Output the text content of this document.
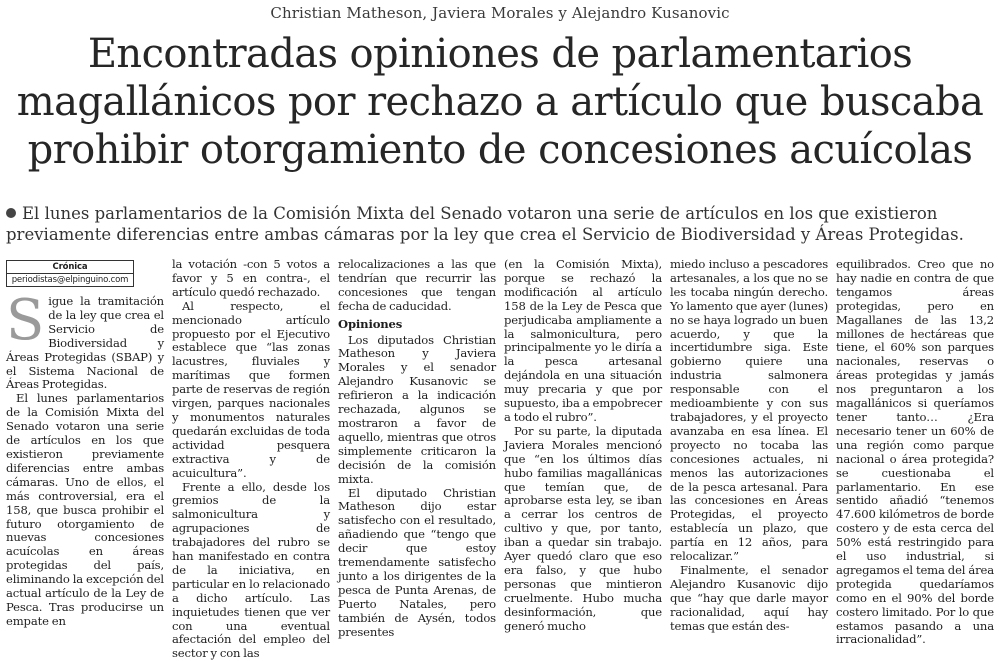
Christian Matheson, Javiera Morales y Alejandro Kusanovic
Encontradas opiniones de parlamentarios
magallánicos por rechazo a artículo que buscaba
prohibir otorgamiento de concesiones acuícolas
El lunes parlamentarios de la Comisión Mixta del Senado votaron una serie de artículos en los que existieron previamente diferencias entre ambas cámaras por la ley que crea el Servicio de Biodiversidad y Áreas Protegidas.
Crónica
periodistas@elpinguino.com

Sigue la tramitación de la ley que crea el Servicio de Biodiversidad y Áreas Protegidas (SBAP) y el Sistema Nacional de Áreas Protegidas.

El lunes parlamentarios de la Comisión Mixta del Senado votaron una serie de artículos en los que existieron previamente diferencias entre ambas cámaras. Uno de ellos, el más controversial, era el 158, que busca prohibir el futuro otorgamiento de nuevas concesiones acuícolas en áreas protegidas del país, eliminando la excepción del actual artículo de la Ley de Pesca. Tras producirse un empate en

la votación -con 5 votos a favor y 5 en contra-, el artículo quedó rechazado.

Al respecto, el mencionado artículo propuesto por el Ejecutivo establece que “las zonas lacustres, fluviales y marítimas que formen parte de reservas de región virgen, parques nacionales y monumentos naturales quedarán excluidas de toda actividad pesquera extractiva y de acuicultura”.

Frente a ello, desde los gremios de la salmonicultura y agrupaciones de trabajadores del rubro se han manifestado en contra de la iniciativa, en particular en lo relacionado a dicho artículo. Las inquietudes tienen que ver con una eventual afectación del empleo del sector y con las

relocalizaciones a las que tendrían que recurrir las concesiones que tengan fecha de caducidad.

Opiniones

Los diputados Christian Matheson y Javiera Morales y el senador Alejandro Kusanovic se refirieron a la indicación rechazada, algunos se mostraron a favor de aquello, mientras que otros simplemente criticaron la decisión de la comisión mixta.

El diputado Christian Matheson dijo estar satisfecho con el resultado, añadiendo que “tengo que decir que estoy tremendamente satisfecho junto a los dirigentes de la pesca de Punta Arenas, de Puerto Natales, pero también de Aysén, todos presentes

(en la Comisión Mixta), porque se rechazó la modificación al artículo 158 de la Ley de Pesca que perjudicaba ampliamente a la salmonicultura, pero principalmente yo le diría a la pesca artesanal dejándola en una situación muy precaria y que por supuesto, iba a empobrecer a todo el rubro”.

Por su parte, la diputada Javiera Morales mencionó que “en los últimos días hubo familias magallánicas que temían que, de aprobarse esta ley, se iban a cerrar los centros de cultivo y que, por tanto, iban a quedar sin trabajo. Ayer quedó claro que eso era falso, y que hubo personas que mintieron cruelmente. Hubo mucha desinformación, que generó mucho

miedo incluso a pescadores artesanales, a los que no se les tocaba ningún derecho. Yo lamento que ayer (lunes) no se haya logrado un buen acuerdo, y que la incertidumbre siga. Este gobierno quiere una industria salmonera responsable con el medioambiente y con sus trabajadores, y el proyecto avanzaba en esa línea. El proyecto no tocaba las concesiones actuales, ni menos las autorizaciones de la pesca artesanal. Para las concesiones en Áreas Protegidas, el proyecto establecía un plazo, que partía en 12 años, para relocalizar.”

Finalmente, el senador Alejandro Kusanovic dijo que “hay que darle mayor racionalidad, aquí hay temas que están des-

equilibrados. Creo que no hay nadie en contra de que tengamos áreas protegidas, pero en Magallanes de las 13,2 millones de hectáreas que tiene, el 60% son parques nacionales, reservas o áreas protegidas y jamás nos preguntaron a los magallánicos si queríamos tener tanto… ¿Era necesario tener un 60% de una región como parque nacional o área protegida? se cuestionaba el parlamentario. En ese sentido añadió “tenemos 47.600 kilómetros de borde costero y de esta cerca del 50% está restringido para el uso industrial, si agregamos el tema del área protegida quedaríamos como en el 90% del borde costero limitado. Por lo que estamos pasando a una irracionalidad”.
